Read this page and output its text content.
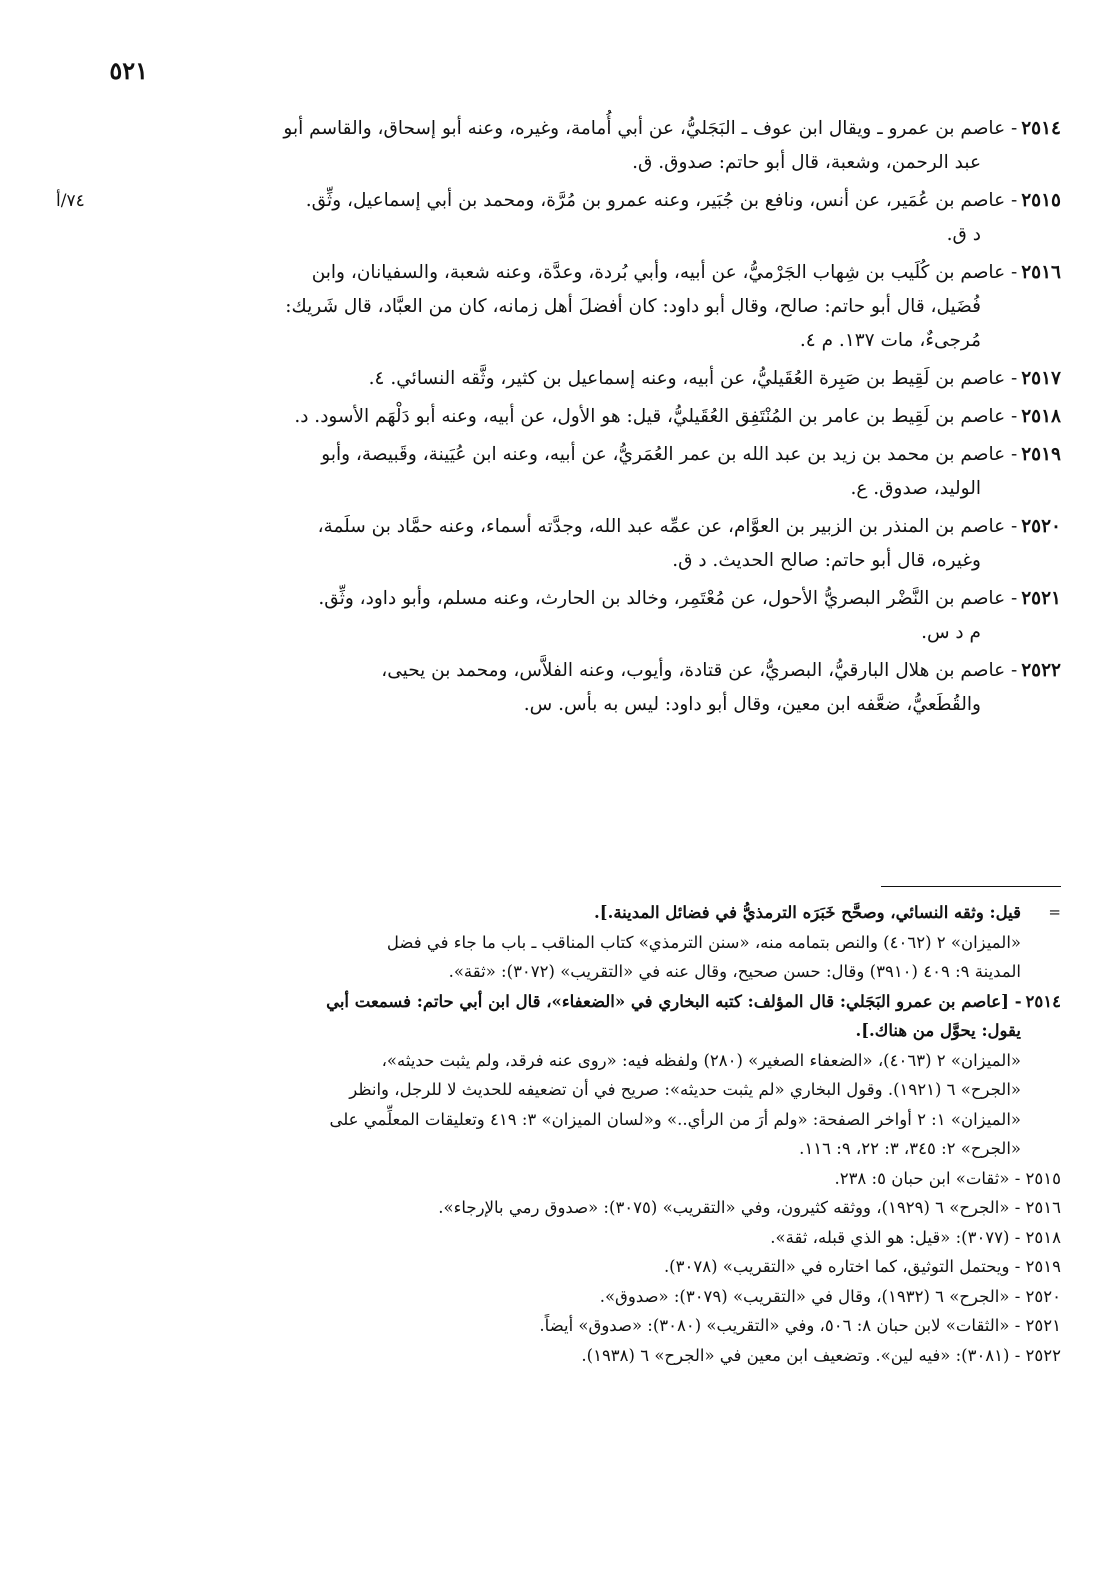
٥٢١
٢٥١٤- عاصم بن عمرو ـ ويقال ابن عوف ـ البَجَليُّ، عن أبي أُمامة، وغيره، وعنه أبو إسحاق، والقاسم أبو
عبد الرحمن، وشعبة، قال أبو حاتم: صدوق. ق.
٢٥١٥- عاصم بن عُمَير، عن أنس، ونافع بن جُبَير، وعنه عمرو بن مُرَّة، ومحمد بن أبي إسماعيل، وثِّق.
د ق.
٧٤/أ
٢٥١٦- عاصم بن كُلَيب بن شِهاب الجَرْميُّ، عن أبيه، وأبي بُردة، وعدَّة، وعنه شعبة، والسفيانان، وابن
فُضَيل، قال أبو حاتم: صالح، وقال أبو داود: كان أفضلَ أهل زمانه، كان من العبَّاد، قال شَريك:
مُرجىءٌ، مات ١٣٧. م ٤.
٢٥١٧- عاصم بن لَقِيط بن صَبِرة العُقَيليُّ، عن أبيه، وعنه إسماعيل بن كثير، وثَّقه النسائي. ٤.
٢٥١٨- عاصم بن لَقِيط بن عامر بن المُنْتَفِق العُقَيليُّ، قيل: هو الأول، عن أبيه، وعنه أبو دَلْهَم الأسود. د.
٢٥١٩- عاصم بن محمد بن زيد بن عبد الله بن عمر العُمَريُّ، عن أبيه، وعنه ابن عُيَينة، وقَبيصة، وأبو
الوليد، صدوق. ع.
٢٥٢٠- عاصم بن المنذر بن الزبير بن العوَّام، عن عمِّه عبد الله، وجدَّته أسماء، وعنه حمَّاد بن سلَمة،
وغيره، قال أبو حاتم: صالح الحديث. د ق.
٢٥٢١- عاصم بن النَّضْر البصريُّ الأحول، عن مُعْتَمِر، وخالد بن الحارث، وعنه مسلم، وأبو داود، وثِّق.
م د س.
٢٥٢٢- عاصم بن هلال البارقيُّ، البصريُّ، عن قتادة، وأيوب، وعنه الفلاَّس، ومحمد بن يحيى،
والقُطَعيُّ، ضعَّفه ابن معين، وقال أبو داود: ليس به بأس. س.
=
قيل: وثقه النسائي، وصحَّح خَبَرَه الترمذيُّ في فضائل المدينة.].
«الميزان» ٢ (٤٠٦٢) والنص بتمامه منه، «سنن الترمذي» كتاب المناقب ـ باب ما جاء في فضل
المدينة ٩: ٤٠٩ (٣٩١٠) وقال: حسن صحيح، وقال عنه في «التقريب» (٣٠٧٢): «ثقة».
٢٥١٤- [عاصم بن عمرو البَجَلي: قال المؤلف: كتبه البخاري في «الضعفاء»، قال ابن أبي حاتم: فسمعت أبي
يقول: يحوَّل من هناك.].
«الميزان» ٢ (٤٠٦٣)، «الضعفاء الصغير» (٢٨٠) ولفظه فيه: «روى عنه فرقد، ولم يثبت حديثه»،
«الجرح» ٦ (١٩٢١). وقول البخاري «لم يثبت حديثه»: صريح في أن تضعيفه للحديث لا للرجل، وانظر
«الميزان» ١: ٢ أواخر الصفحة: «ولم أرَ من الرأي..» و«لسان الميزان» ٣: ٤١٩ وتعليقات المعلِّمي على
«الجرح» ٢: ٣٤٥، ٣: ٢٢، ٩: ١١٦.
٢٥١٥ - «ثقات» ابن حبان ٥: ٢٣٨.
٢٥١٦ - «الجرح» ٦ (١٩٢٩)، ووثقه كثيرون، وفي «التقريب» (٣٠٧٥): «صدوق رمي بالإرجاء».
٢٥١٨ - (٣٠٧٧): «قيل: هو الذي قبله، ثقة».
٢٥١٩ - ويحتمل التوثيق، كما اختاره في «التقريب» (٣٠٧٨).
٢٥٢٠ - «الجرح» ٦ (١٩٣٢)، وقال في «التقريب» (٣٠٧٩): «صدوق».
٢٥٢١ - «الثقات» لابن حبان ٨: ٥٠٦، وفي «التقريب» (٣٠٨٠): «صدوق» أيضاً.
٢٥٢٢ - (٣٠٨١): «فيه لين». وتضعيف ابن معين في «الجرح» ٦ (١٩٣٨).
